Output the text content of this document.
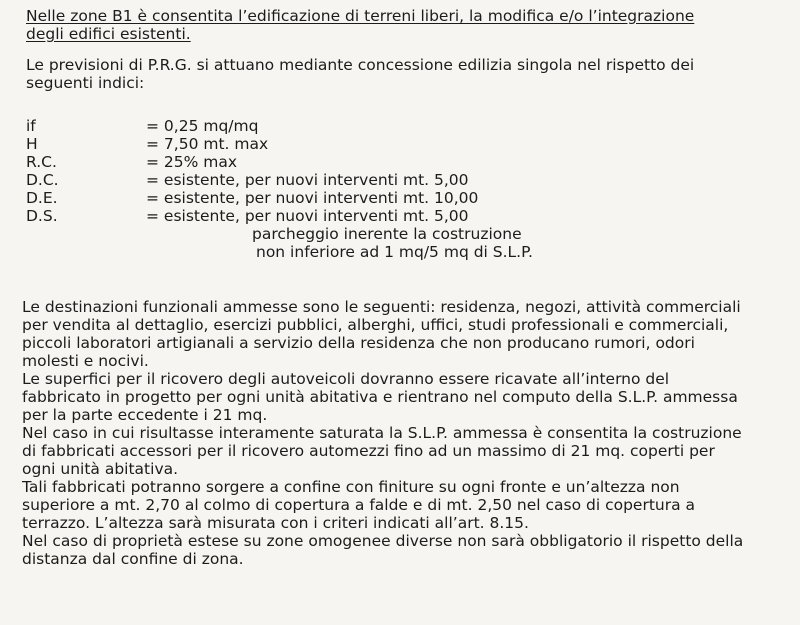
Nelle zone B1 è consentita l’edificazione di terreni liberi, la modifica e/o l’integrazione
degli edifici esistenti.
Le previsioni di P.R.G. si attuano mediante concessione edilizia singola nel rispetto dei
seguenti indici:
if	= 0,25 mq/mq
H	= 7,50 mt. max
R.C.	= 25% max
D.C.	= esistente, per nuovi interventi mt. 5,00
D.E.	= esistente, per nuovi interventi mt. 10,00
D.S.	= esistente, per nuovi interventi mt. 5,00
parcheggio inerente la costruzione
non inferiore ad 1 mq/5 mq di S.L.P.
Le destinazioni funzionali ammesse sono le seguenti: residenza, negozi, attività commerciali
per vendita al dettaglio, esercizi pubblici, alberghi, uffici, studi professionali e commerciali,
piccoli laboratori artigianali a servizio della residenza che non producano rumori, odori
molesti e nocivi.
Le superfici per il ricovero degli autoveicoli dovranno essere ricavate all’interno del
fabbricato in progetto per ogni unità abitativa e rientrano nel computo della S.L.P. ammessa
per la parte eccedente i 21 mq.
Nel caso in cui risultasse interamente saturata la S.L.P. ammessa è consentita la costruzione
di fabbricati accessori per il ricovero automezzi fino ad un massimo di 21 mq. coperti per
ogni unità abitativa.
Tali fabbricati potranno sorgere a confine con finiture su ogni fronte e un’altezza non
superiore a mt. 2,70 al colmo di copertura a falde e di mt. 2,50 nel caso di copertura a
terrazzo. L’altezza sarà misurata con i criteri indicati all’art. 8.15.
Nel caso di proprietà estese su zone omogenee diverse non sarà obbligatorio il rispetto della
distanza dal confine di zona.
